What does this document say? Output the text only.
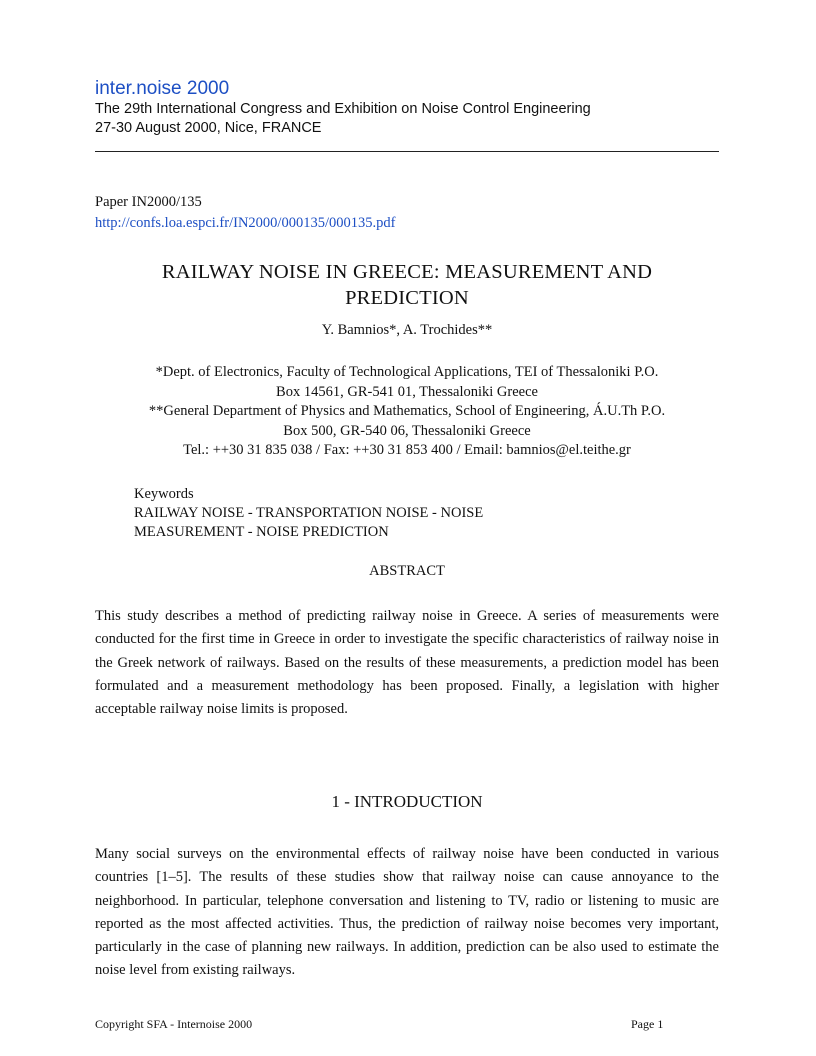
inter.noise 2000
The 29th International Congress and Exhibition on Noise Control Engineering
27-30 August 2000, Nice, FRANCE
Paper IN2000/135
http://confs.loa.espci.fr/IN2000/000135/000135.pdf
RAILWAY NOISE IN GREECE: MEASUREMENT AND
PREDICTION
Y. Bamnios*, A. Trochides**
*Dept. of Electronics, Faculty of Technological Applications, TEI of Thessaloniki P.O.
Box 14561, GR-541 01, Thessaloniki Greece
**General Department of Physics and Mathematics, School of Engineering, Á.U.Th P.O.
Box 500, GR-540 06, Thessaloniki Greece
Tel.: ++30 31 835 038 / Fax: ++30 31 853 400 / Email: bamnios@el.teithe.gr
Keywords
RAILWAY NOISE - TRANSPORTATION NOISE - NOISE
MEASUREMENT - NOISE PREDICTION
ABSTRACT

This study describes a method of predicting railway noise in Greece. A series of measurements were conducted for the first time in Greece in order to investigate the specific characteristics of railway noise in the Greek network of railways. Based on the results of these measurements, a prediction model has been formulated and a measurement methodology has been proposed. Finally, a legislation with higher acceptable railway noise limits is proposed.

1 - INTRODUCTION

Many social surveys on the environmental effects of railway noise have been conducted in various countries [1–5]. The results of these studies show that railway noise can cause annoyance to the neighborhood. In particular, telephone conversation and listening to TV, radio or listening to music are reported as the most affected activities. Thus, the prediction of railway noise becomes very important, particularly in the case of planning new railways. In addition, prediction can be also used to estimate the noise level from existing railways.

Copyright SFA - Internoise 2000	Page 1
